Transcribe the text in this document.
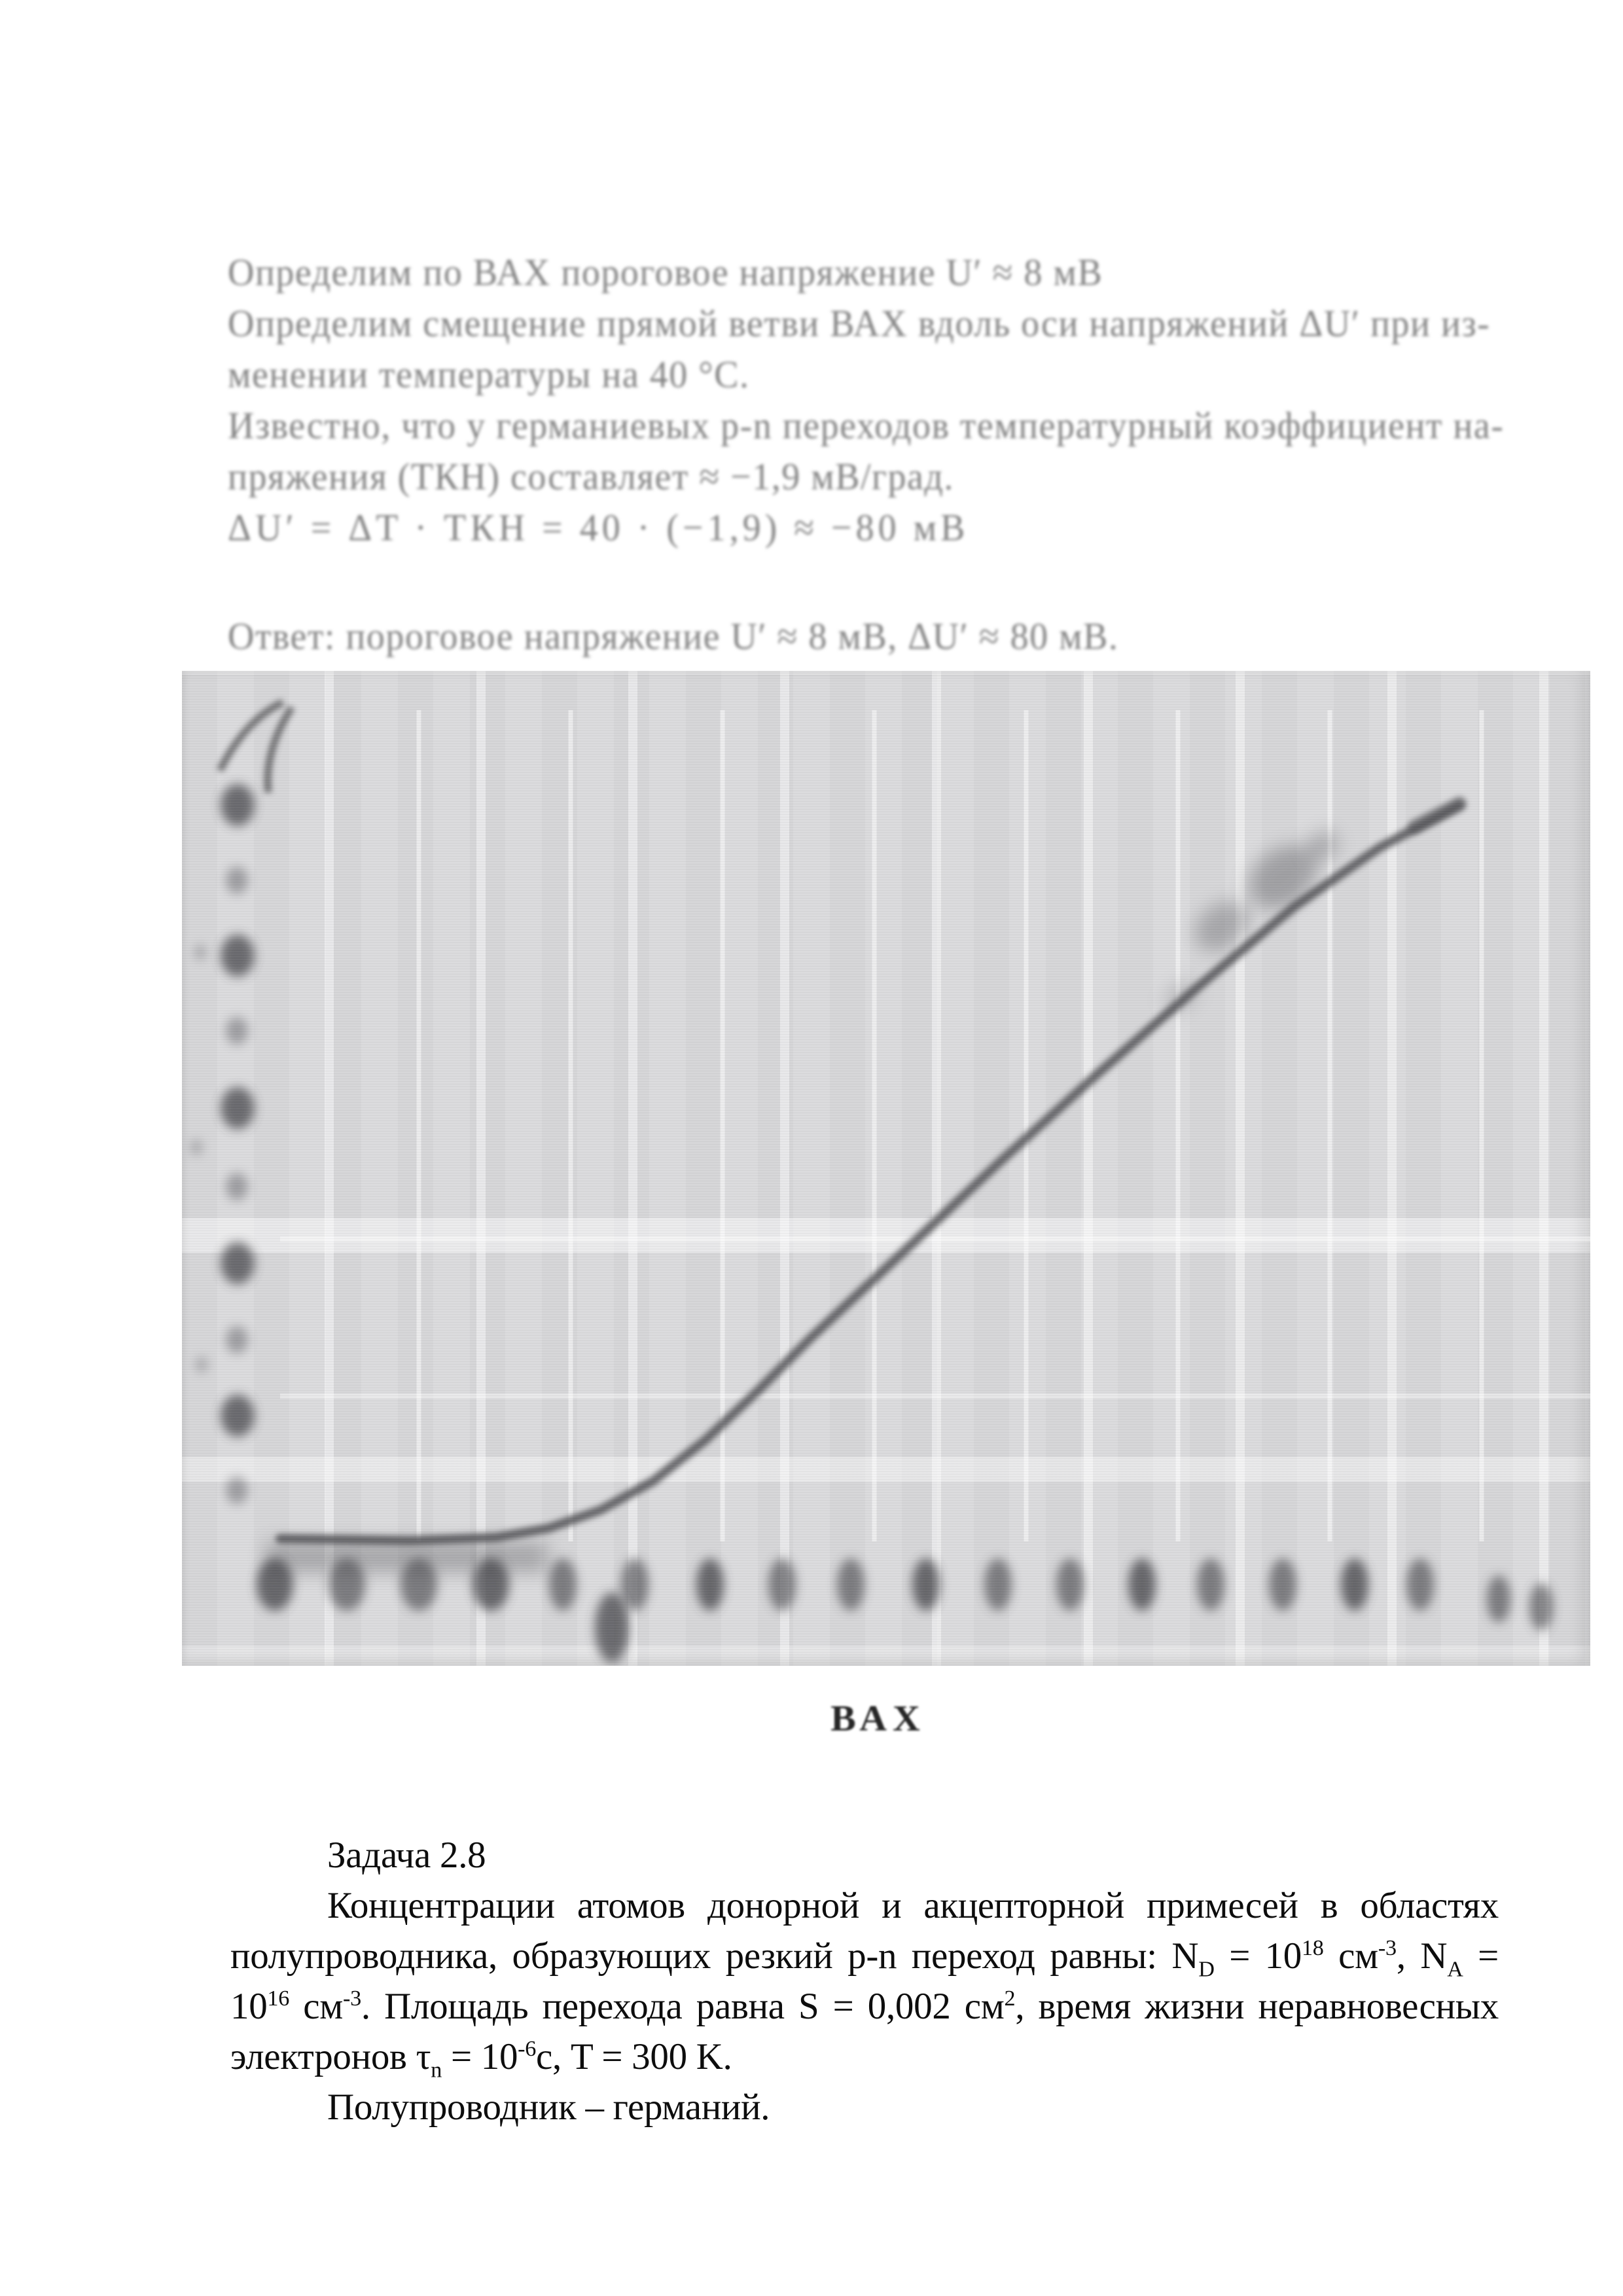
Определим по ВАХ пороговое напряжение U′ ≈ 8 мВ
Определим смещение прямой ветви ВАХ вдоль оси напряжений ΔU′ при из-
менении температуры на 40 °С.
Известно, что у германиевых p-n переходов температурный коэффициент на-
пряжения (ТКН) составляет ≈ −1,9 мВ/град.
ΔU′ = ΔT · ТКН = 40 · (−1,9) ≈ −80 мВ
Ответ: пороговое напряжение U′ ≈ 8 мВ, ΔU′ ≈ 80 мВ.
ВАХ
Задача 2.8
Концентрации атомов донорной и акцепторной примесей в областях
полупроводника, образующих резкий p-n переход равны: $N_D = 10^{18}$ $см^{-3}$, $N_A$ =
$10^{16}$ $см^{-3}$. Площадь перехода равна S = 0,002 $см^2$, время жизни неравновесных
электронов $\tau_n = 10^{-6}с$, T = 300 K.
Полупроводник – германий.
